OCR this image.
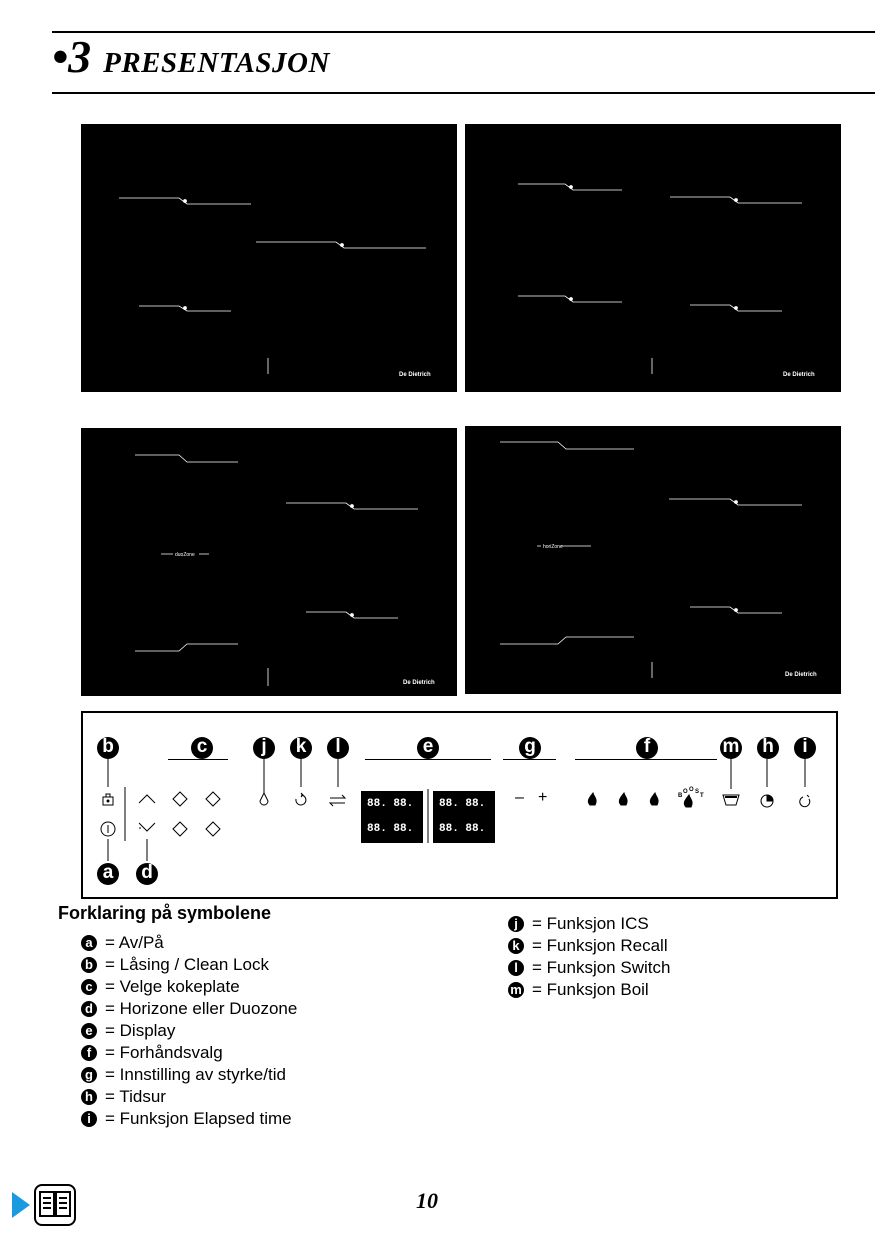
•3 PRESENTASJON
De Dietrich	De Dietrich
duoZone
De Dietrich
horiZone
De Dietrich
b	c	j	k	l	e	g	f	m h	i
B
O O S
T
a	d
88. 88.
88. 88.
88. 88.
88. 88.
– +
Forklaring på symbolene
a = Av/På
b = Låsing / Clean Lock
c = Velge kokeplate
d = Horizone eller Duozone
e = Display
f = Forhåndsvalg
g = Innstilling av styrke/tid
h = Tidsur
i = Funksjon Elapsed time
j = Funksjon ICS
k = Funksjon Recall
l = Funksjon Switch
m = Funksjon Boil
10
